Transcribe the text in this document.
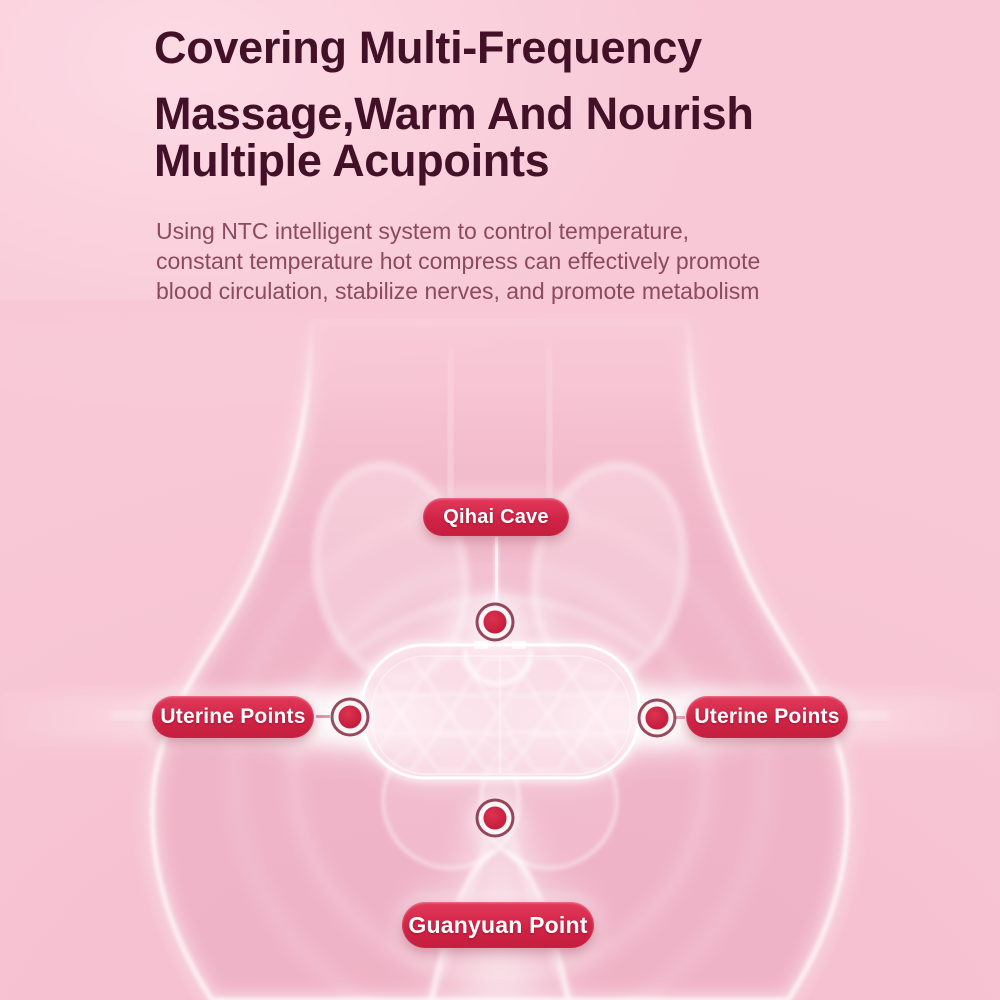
Covering Multi-Frequency
Massage,Warm And Nourish
Multiple Acupoints

Using NTC intelligent system to control temperature,
constant temperature hot compress can effectively promote
blood circulation, stabilize nerves, and promote metabolism

Qihai Cave
Uterine Points	Uterine Points
Guanyuan Point
